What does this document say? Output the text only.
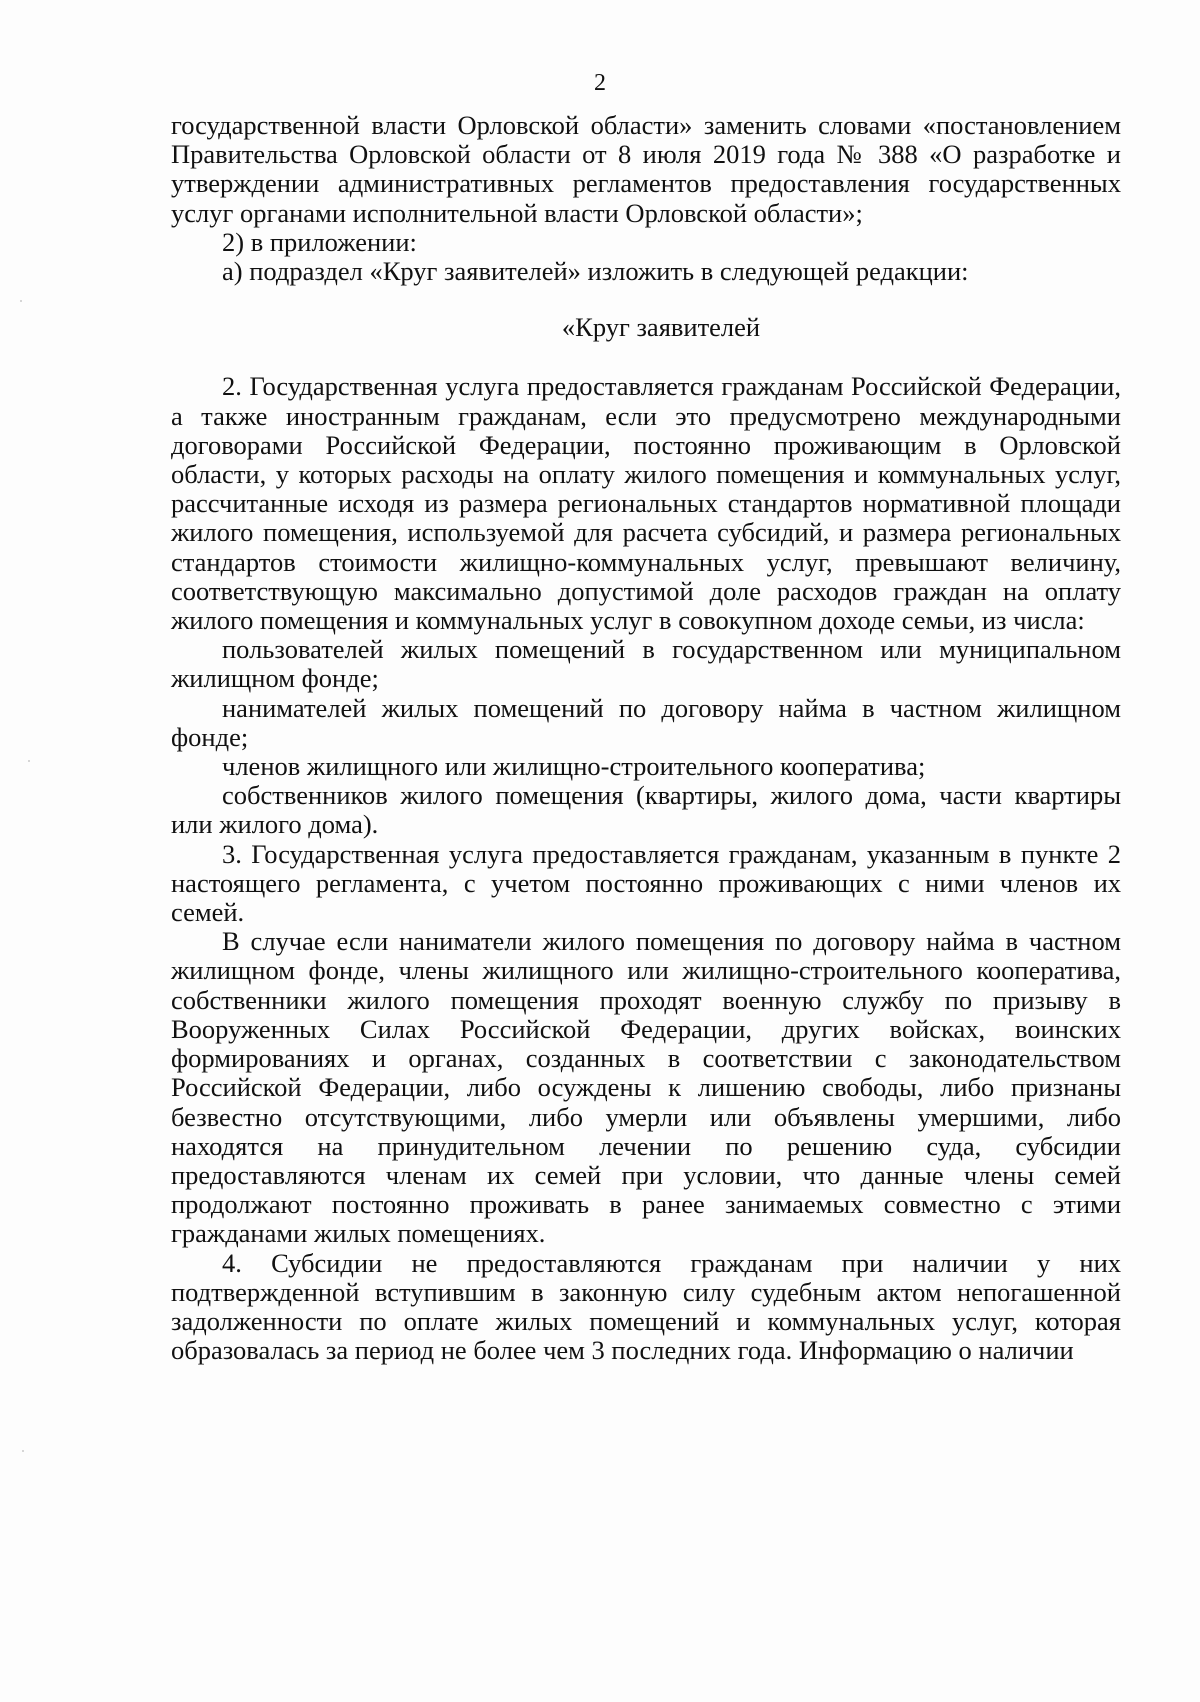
2

государственной власти Орловской области» заменить словами «постановлением Правительства Орловской области от 8 июля 2019 года № 388 «О разработке и утверждении административных регламентов предоставления государственных услуг органами исполнительной власти Орловской области»;

2) в приложении:

а) подраздел «Круг заявителей» изложить в следующей редакции:

«Круг заявителей

2. Государственная услуга предоставляется гражданам Российской Федерации, а также иностранным гражданам, если это предусмотрено международными договорами Российской Федерации, постоянно проживающим в Орловской области, у которых расходы на оплату жилого помещения и коммунальных услуг, рассчитанные исходя из размера региональных стандартов нормативной площади жилого помещения, используемой для расчета субсидий, и размера региональных стандартов стоимости жилищно-коммунальных услуг, превышают величину, соответствующую максимально допустимой доле расходов граждан на оплату жилого помещения и коммунальных услуг в совокупном доходе семьи, из числа:

пользователей жилых помещений в государственном или муниципальном жилищном фонде;

нанимателей жилых помещений по договору найма в частном жилищном фонде;

членов жилищного или жилищно-строительного кооператива;

собственников жилого помещения (квартиры, жилого дома, части квартиры или жилого дома).

3. Государственная услуга предоставляется гражданам, указанным в пункте 2 настоящего регламента, с учетом постоянно проживающих с ними членов их семей.

В случае если наниматели жилого помещения по договору найма в частном жилищном фонде, члены жилищного или жилищно-строительного кооператива, собственники жилого помещения проходят военную службу по призыву в Вооруженных Силах Российской Федерации, других войсках, воинских формированиях и органах, созданных в соответствии с законодательством Российской Федерации, либо осуждены к лишению свободы, либо признаны безвестно отсутствующими, либо умерли или объявлены умершими, либо находятся на принудительном лечении по решению суда, субсидии предоставляются членам их семей при условии, что данные члены семей продолжают постоянно проживать в ранее занимаемых совместно с этими гражданами жилых помещениях.

4. Субсидии не предоставляются гражданам при наличии у них подтвержденной вступившим в законную силу судебным актом непогашенной задолженности по оплате жилых помещений и коммунальных услуг, которая образовалась за период не более чем 3 последних года. Информацию о наличии
